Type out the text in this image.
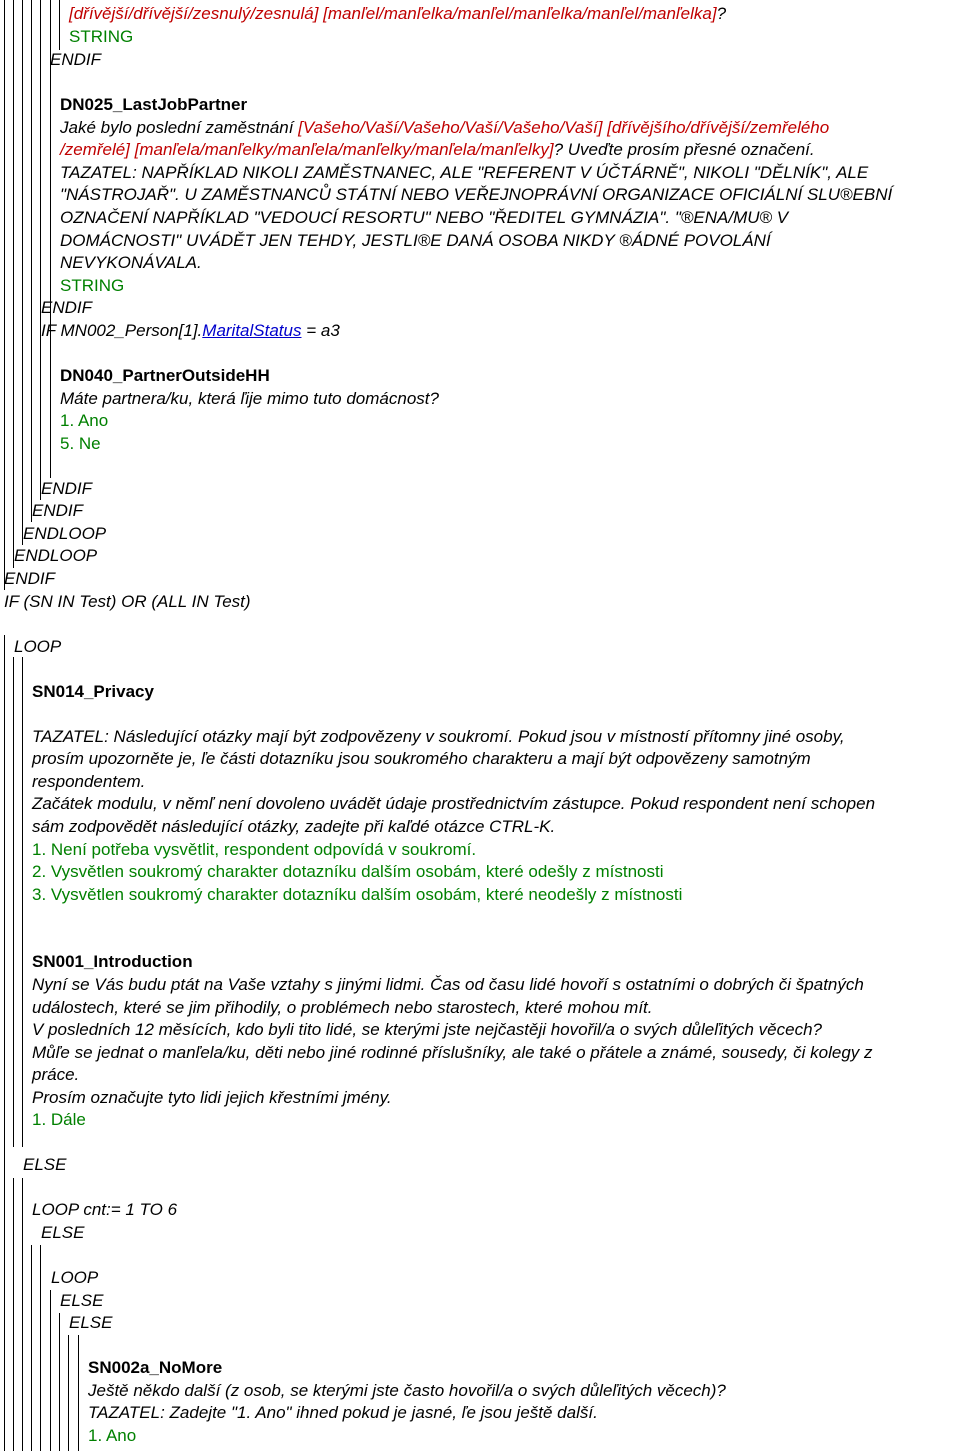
[dřívější/dřívější/zesnulý/zesnulá] [manľel/manľelka/manľel/manľelka/manľel/manľelka]?
STRING
ENDIF
DN025_LastJobPartner
Jaké bylo poslední zaměstnání [Vašeho/Vaší/Vašeho/Vaší/Vašeho/Vaší] [dřívějšího/dřívější/zemřelého
/zemřelé] [manľela/manľelky/manľela/manľelky/manľela/manľelky]? Uveďte prosím přesné označení.
TAZATEL: NAPŘÍKLAD NIKOLI ZAMĚSTNANEC, ALE "REFERENT V ÚČTÁRNĚ", NIKOLI "DĚLNÍK", ALE
"NÁSTROJAŘ". U ZAMĚSTNANCŮ STÁTNÍ NEBO VEŘEJNOPRÁVNÍ ORGANIZACE OFICIÁLNÍ SLU®EBNÍ
OZNAČENÍ NAPŘÍKLAD "VEDOUCÍ RESORTU" NEBO "ŘEDITEL GYMNÁZIA". "®ENA/MU® V
DOMÁCNOSTI" UVÁDĚT JEN TEHDY, JESTLI®E DANÁ OSOBA NIKDY ®ÁDNÉ POVOLÁNÍ
NEVYKONÁVALA.
STRING
ENDIF
IF MN002_Person[1].MaritalStatus = a3
DN040_PartnerOutsideHH
Máte partnera/ku, která ľije mimo tuto domácnost?
1. Ano
5. Ne
ENDIF
ENDIF
ENDLOOP
ENDLOOP
ENDIF
IF (SN IN Test) OR (ALL IN Test)
LOOP
SN014_Privacy
TAZATEL: Následující otázky mají být zodpovězeny v soukromí. Pokud jsou v místností přítomny jiné osoby,
prosím upozorněte je, ľe části dotazníku jsou soukromého charakteru a mají být odpovězeny samotným
respondentem.
Začátek modulu, v němľ není dovoleno uvádět údaje prostřednictvím zástupce. Pokud respondent není schopen
sám zodpovědět následující otázky, zadejte při kaľdé otázce CTRL-K.
1. Není potřeba vysvětlit, respondent odpovídá v soukromí.
2. Vysvětlen soukromý charakter dotazníku dalším osobám, které odešly z místnosti
3. Vysvětlen soukromý charakter dotazníku dalším osobám, které neodešly z místnosti
SN001_Introduction
Nyní se Vás budu ptát na Vaše vztahy s jinými lidmi. Čas od času lidé hovoří s ostatními o dobrých či špatných
událostech, které se jim přihodily, o problémech nebo starostech, které mohou mít.
V posledních 12 měsících, kdo byli tito lidé, se kterými jste nejčastěji hovořil/a o svých důleľitých věcech?
Můľe se jednat o manľela/ku, děti nebo jiné rodinné příslušníky, ale také o přátele a známé, sousedy, či kolegy z
práce.
Prosím označujte tyto lidi jejich křestními jmény.
1. Dále
ELSE
LOOP cnt:= 1 TO 6
ELSE
LOOP
ELSE
ELSE
SN002a_NoMore
Ještě někdo další (z osob, se kterými jste často hovořil/a o svých důleľitých věcech)?
TAZATEL: Zadejte "1. Ano" ihned pokud je jasné, ľe jsou ještě další.
1. Ano
